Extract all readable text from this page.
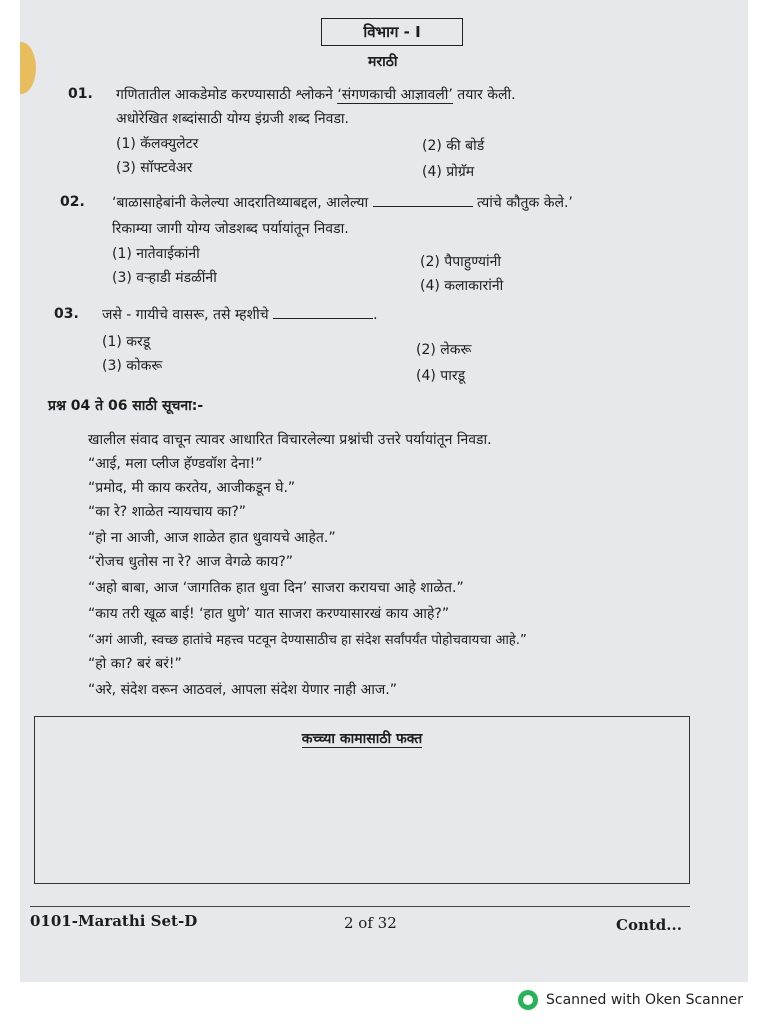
विभाग - I
मराठी
01. गणितातील आकडेमोड करण्यासाठी श्लोकने ‘संगणकाची आज्ञावली’ तयार केली.
अधोरेखित शब्दांसाठी योग्य इंग्रजी शब्द निवडा.
(1) कॅलक्युलेटर	(2) की बोर्ड
(3) सॉफ्टवेअर	(4) प्रोग्रॅम
02. ‘बाळासाहेबांनी केलेल्या आदरातिथ्याबद्दल, आलेल्या	त्यांचे कौतुक केले.’
रिकाम्या जागी योग्य जोडशब्द पर्यायांतून निवडा.
(1) नातेवाईकांनी	(2) पैपाहुण्यांनी
(3) वऱ्हाडी मंडळींनी	(4) कलाकारांनी
03. जसे - गायीचे वासरू, तसे म्हशीचे	.
(1) करडू	(2) लेकरू
(3) कोकरू
(4) पारडू
प्रश्न 04 ते 06 साठी सूचना:-
खालील संवाद वाचून त्यावर आधारित विचारलेल्या प्रश्नांची उत्तरे पर्यायांतून निवडा.
“आई, मला प्लीज हॅण्डवॉश देना!”
“प्रमोद, मी काय करतेय, आजीकडून घे.”
“का रे? शाळेत न्यायचाय का?”
“हो ना आजी, आज शाळेत हात धुवायचे आहेत.”
“रोजच धुतोस ना रे? आज वेगळे काय?”
“अहो बाबा, आज ‘जागतिक हात धुवा दिन’ साजरा करायचा आहे शाळेत.”
“काय तरी खूळ बाई! ‘हात धुणे’ यात साजरा करण्यासारखं काय आहे?”
“अगं आजी, स्वच्छ हातांचे महत्त्व पटवून देण्यासाठीच हा संदेश सर्वांपर्यंत पोहोचवायचा आहे.”
“हो का? बरं बरं!”
“अरे, संदेश वरून आठवलं, आपला संदेश येणार नाही आज.”
कच्च्या कामासाठी फक्त
0101-Marathi Set-D	2 of 32	Contd...
Scanned with Oken Scanner
